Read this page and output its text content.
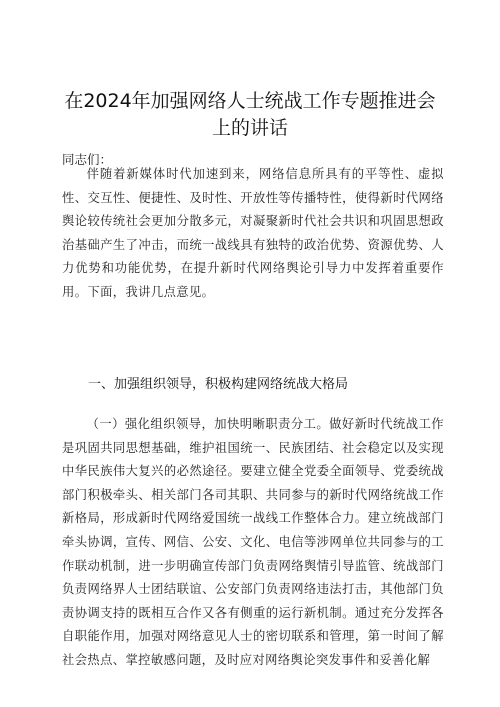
在2024年加强网络人士统战工作专题推进会
上的讲话

同志们：

伴随着新媒体时代加速到来，网络信息所具有的平等性、虚拟性、交互性、便捷性、及时性、开放性等传播特性，使得新时代网络舆论较传统社会更加分散多元，对凝聚新时代社会共识和巩固思想政治基础产生了冲击，而统一战线具有独特的政治优势、资源优势、人力优势和功能优势，在提升新时代网络舆论引导力中发挥着重要作用。下面，我讲几点意见。

一、加强组织领导，积极构建网络统战大格局

（一）强化组织领导，加快明晰职责分工。做好新时代统战工作是巩固共同思想基础，维护祖国统一、民族团结、社会稳定以及实现中华民族伟大复兴的必然途径。要建立健全党委全面领导、党委统战部门积极牵头、相关部门各司其职、共同参与的新时代网络统战工作新格局，形成新时代网络爱国统一战线工作整体合力。建立统战部门牵头协调，宣传、网信、公安、文化、电信等涉网单位共同参与的工作联动机制，进一步明确宣传部门负责网络舆情引导监管、统战部门负责网络界人士团结联谊、公安部门负责网络违法打击，其他部门负责协调支持的既相互合作又各有侧重的运行新机制。通过充分发挥各自职能作用，加强对网络意见人士的密切联系和管理，第一时间了解社会热点、掌控敏感问题，及时应对网络舆论突发事件和妥善化解
